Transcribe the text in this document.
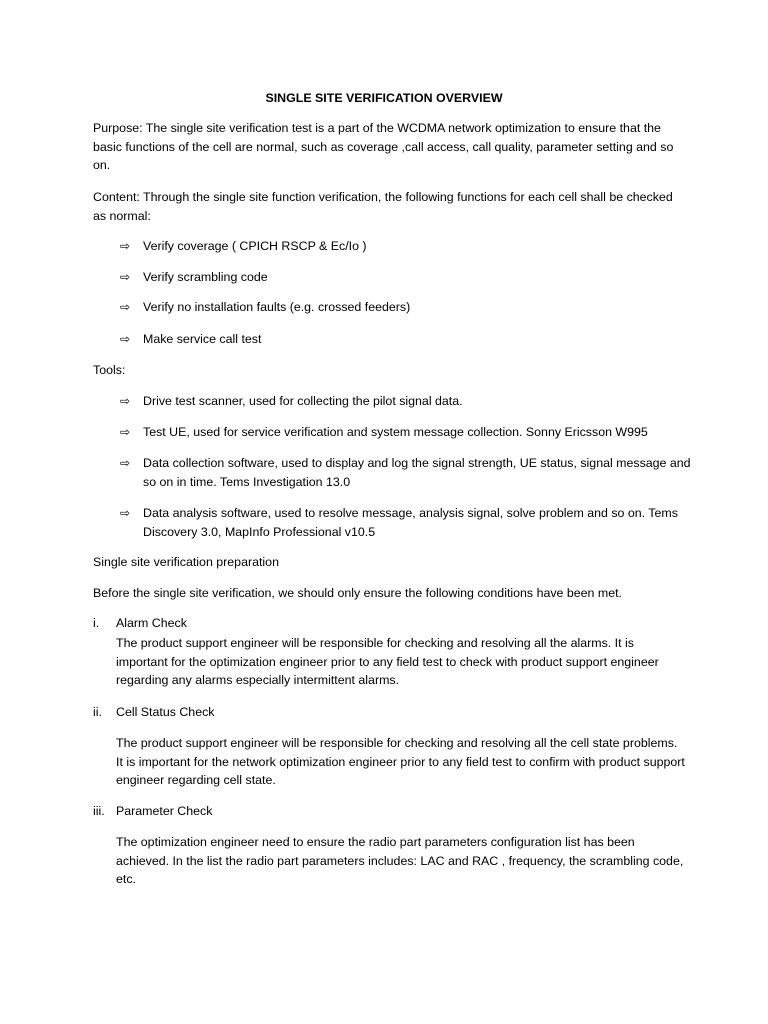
SINGLE SITE VERIFICATION OVERVIEW
Purpose: The single site verification test is a part of the WCDMA network optimization to ensure that the basic functions of the cell are normal, such as coverage ,call access, call quality, parameter setting and so on.
Content: Through the single site function verification, the following functions for each cell shall be checked as normal:
⇨ Verify coverage ( CPICH RSCP & Ec/Io )
⇨ Verify scrambling code
⇨ Verify no installation faults (e.g. crossed feeders)
⇨ Make service call test
Tools:
⇨ Drive test scanner, used for collecting the pilot signal data.
⇨ Test UE, used for service verification and system message collection. Sonny Ericsson W995
⇨ Data collection software, used to display and log the signal strength, UE status, signal message and so on in time. Tems Investigation 13.0
⇨ Data analysis software, used to resolve message, analysis signal, solve problem and so on. Tems Discovery 3.0, MapInfo Professional v10.5
Single site verification preparation
Before the single site verification, we should only ensure the following conditions have been met.
i. Alarm Check
The product support engineer will be responsible for checking and resolving all the alarms. It is important for the optimization engineer prior to any field test to check with product support engineer regarding any alarms especially intermittent alarms.
ii. Cell Status Check
The product support engineer will be responsible for checking and resolving all the cell state problems. It is important for the network optimization engineer prior to any field test to confirm with product support engineer regarding cell state.
iii. Parameter Check
The optimization engineer need to ensure the radio part parameters configuration list has been achieved. In the list the radio part parameters includes: LAC and RAC , frequency, the scrambling code, etc.
